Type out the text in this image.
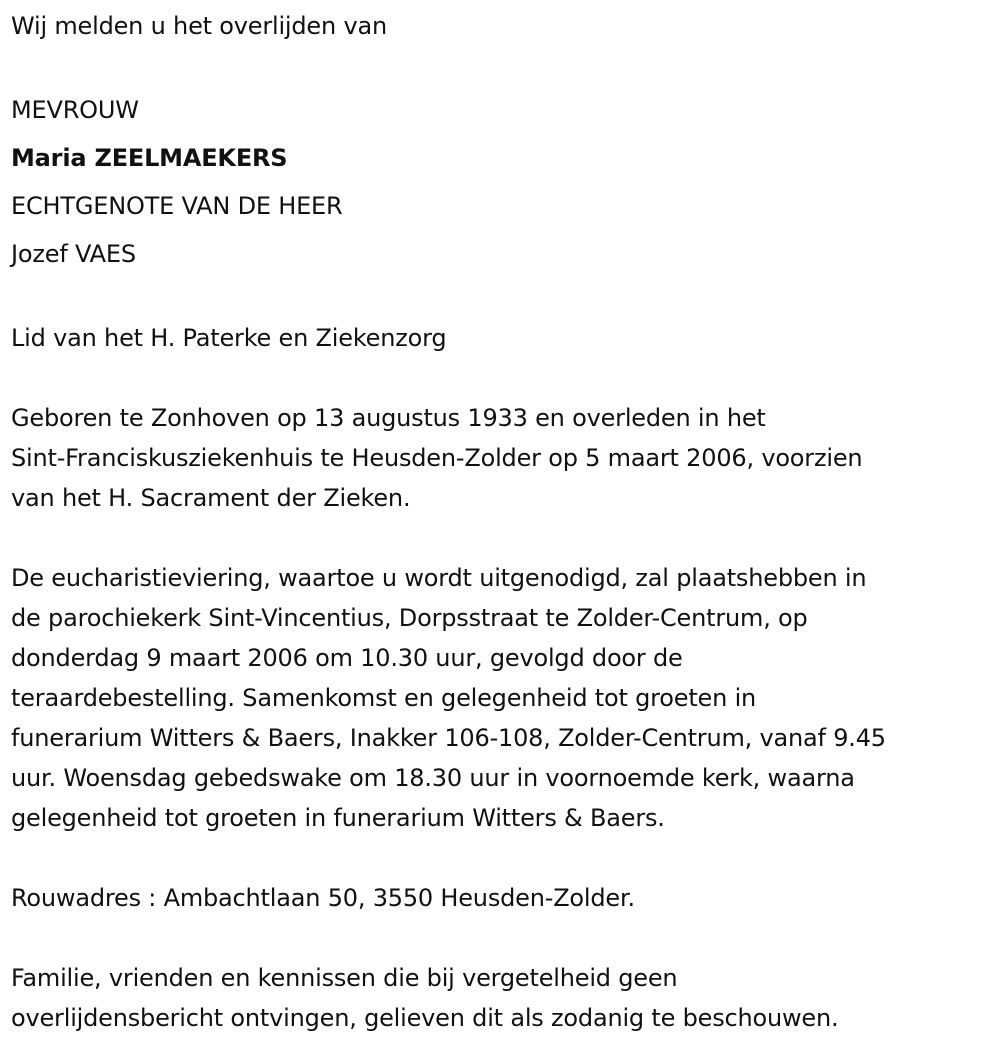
Wij melden u het overlijden van
MEVROUW
Maria ZEELMAEKERS
ECHTGENOTE VAN DE HEER
Jozef VAES
Lid van het H. Paterke en Ziekenzorg

Geboren te Zonhoven op 13 augustus 1933 en overleden in het
Sint-Franciskusziekenhuis te Heusden-Zolder op 5 maart 2006, voorzien
van het H. Sacrament der Zieken.

De eucharistieviering, waartoe u wordt uitgenodigd, zal plaatshebben in
de parochiekerk Sint-Vincentius, Dorpsstraat te Zolder-Centrum, op
donderdag 9 maart 2006 om 10.30 uur, gevolgd door de
teraardebestelling. Samenkomst en gelegenheid tot groeten in
funerarium Witters & Baers, Inakker 106-108, Zolder-Centrum, vanaf 9.45
uur. Woensdag gebedswake om 18.30 uur in voornoemde kerk, waarna
gelegenheid tot groeten in funerarium Witters & Baers.

Rouwadres : Ambachtlaan 50, 3550 Heusden-Zolder.

Familie, vrienden en kennissen die bij vergetelheid geen
overlijdensbericht ontvingen, gelieven dit als zodanig te beschouwen.
